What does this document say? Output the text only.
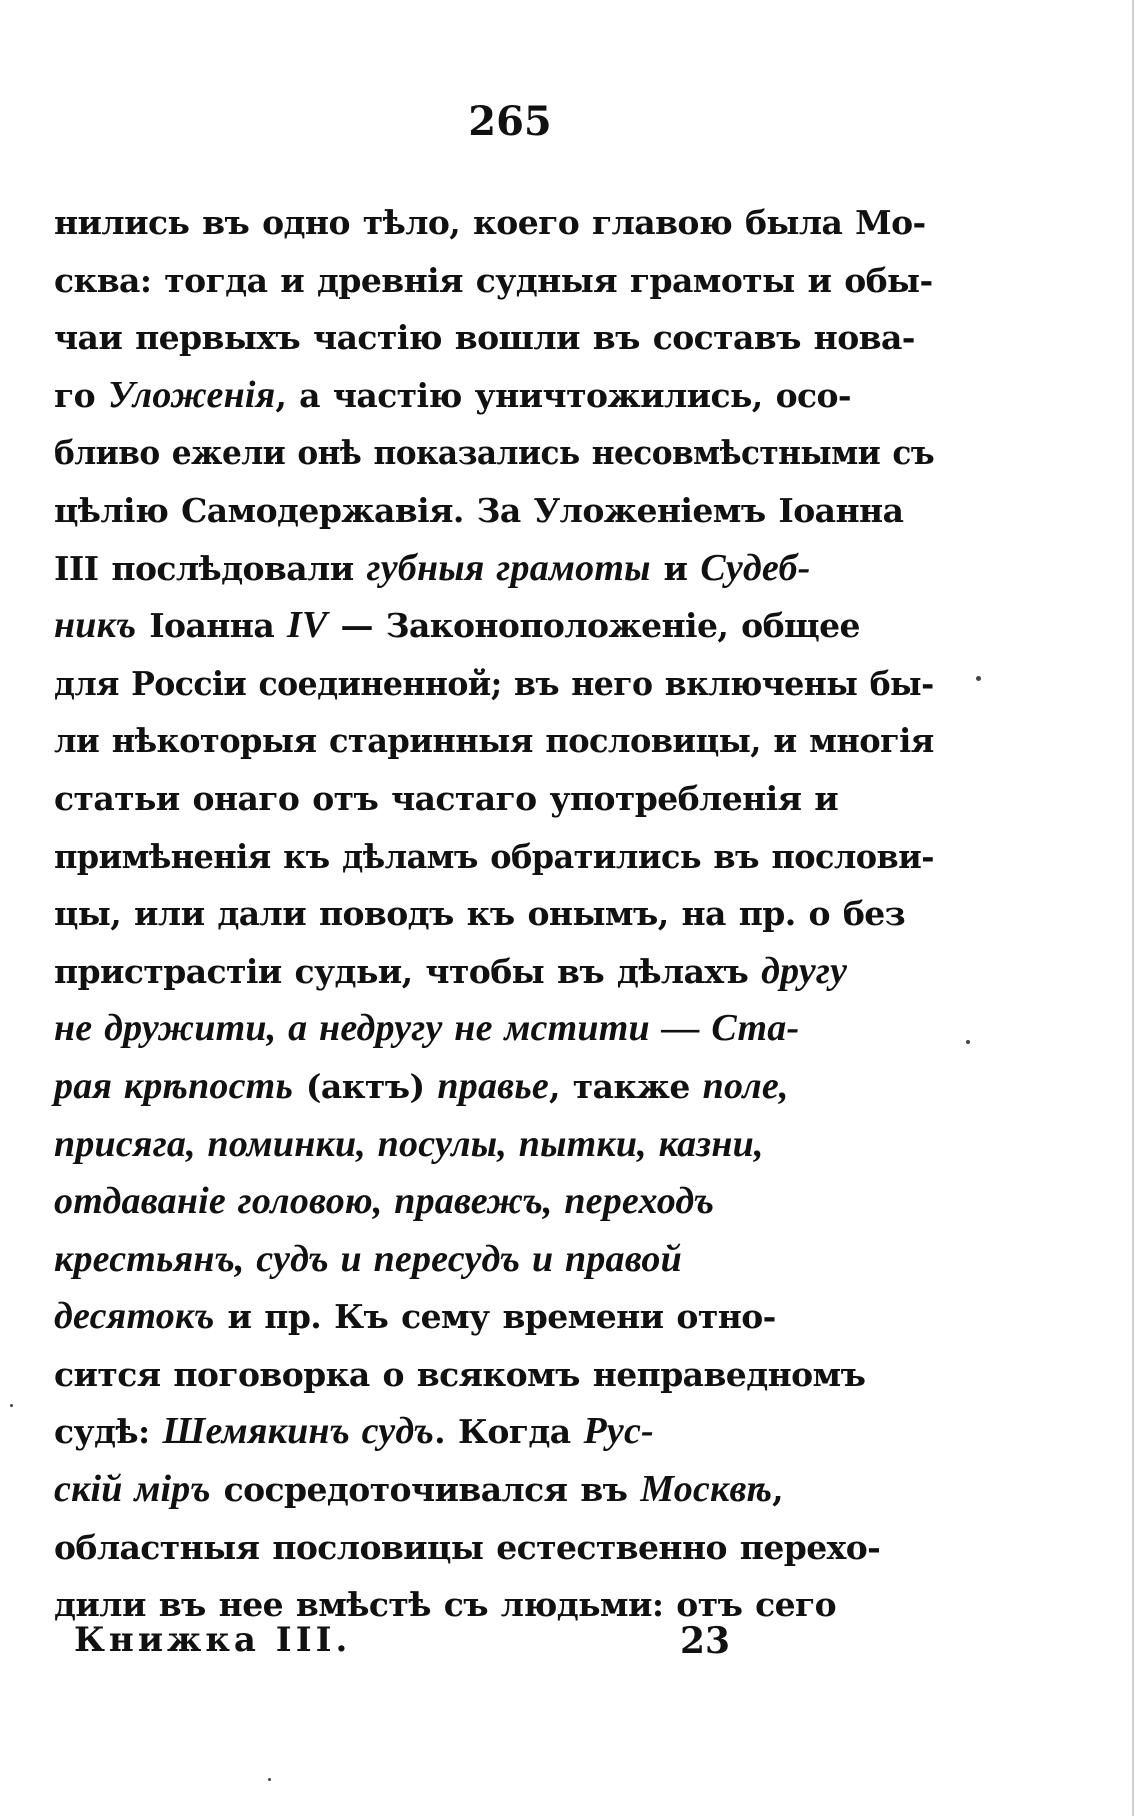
265
нились въ одно тѣло, коего главою была Мо-
сква: тогда и древнія судныя грамоты и обы-
чаи первыхъ частію вошли въ составъ нова-
го Уложенія, а частію уничтожились, осо-
бливо ежели онѣ показались несовмѣстными съ
цѣлію Самодержавія. За Уложеніемъ Іоанна
III послѣдовали губныя грамоты и Судеб-
никъ Іоанна IV — Законоположеніе, общее
для Россіи соединенной; въ него включены бы-
ли нѣкоторыя старинныя пословицы, и многія
статьи онаго отъ частаго употребленія и
примѣненія къ дѣламъ обратились въ послови-
цы, или дали поводъ къ онымъ, на пр. о без
пристрастіи судьи, чтобы въ дѣлахъ другу
не дружити, а недругу не мстити — Ста-
рая крѣпость (актъ) правье, также поле,
присяга, поминки, посулы, пытки, казни,
отдаваніе головою, правежъ, переходъ
крестьянъ, судъ и пересудъ и правой
десятокъ и пр. Къ сему времени отно-
сится поговорка о всякомъ неправедномъ
судѣ: Шемякинъ судъ. Когда Рус-
скій міръ сосредоточивался въ Москвѣ,
областныя пословицы естественно перехо-
дили въ нее вмѣстѣ съ людьми: отъ сего
Книжка III.	23
